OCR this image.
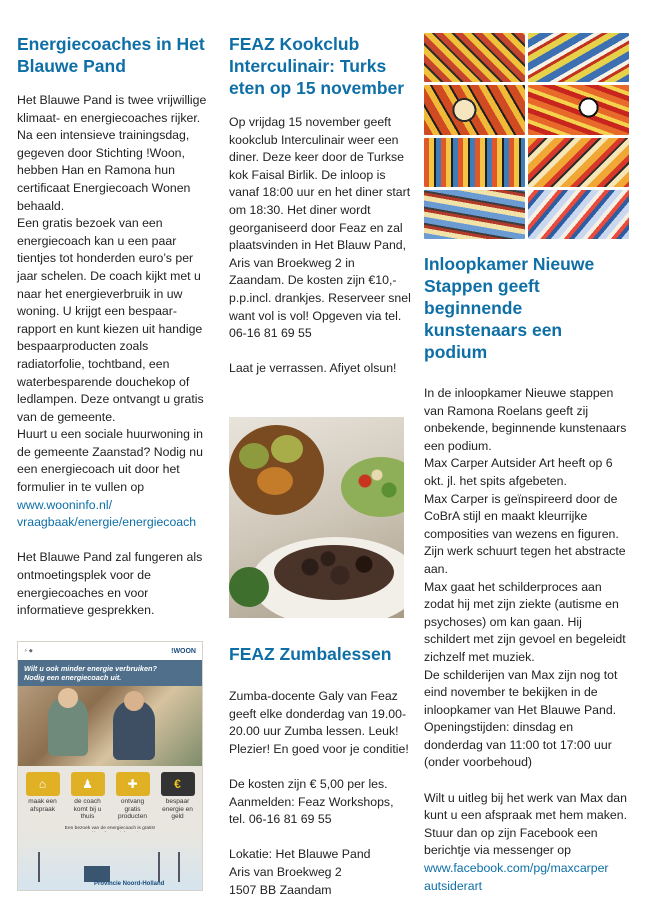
Energiecoaches in Het Blauwe Pand

Het Blauwe Pand is twee vrijwillige klimaat- en energiecoaches rijker. Na een intensieve trainingsdag, gegeven door Stichting !Woon, hebben Han en Ramona hun certificaat Energiecoach Wonen behaald.

Een gratis bezoek van een energiecoach kan u een paar tientjes tot honderden euro’s per jaar schelen. De coach kijkt met u naar het energieverbruik in uw woning. U krijgt een bespaar-rapport en kunt kiezen uit handige bespaarproducten zoals radiatorfolie, tochtband, een waterbesparende douchekop of ledlampen. Deze ontvangt u gratis van de gemeente.

Huurt u een sociale huurwoning in de gemeente Zaanstad? Nodig nu een energiecoach uit door het formulier in te vullen op www.wooninfo.nl/ vraagbaak/energie/energiecoach

Het Blauwe Pand zal fungeren als ontmoetingsplek voor de energiecoaches en voor informatieve gesprekken.

⚡ ◆	!WOON
Wilt u ook minder energie verbruiken?
Nodig een energiecoach uit.
⌂	♟	✚	€
maak een afspraak
de coach komt bij u thuis
ontvang gratis producten
bespaar energie en geld
Een bezoek van de energiecoach is gratis!
Provincie Noord-Holland
FEAZ Kookclub Interculinair: Turks eten op 15 november

Op vrijdag 15 november geeft kookclub Interculinair weer een diner. Deze keer door de Turkse kok Faisal Birlik. De inloop is vanaf 18:00 uur en het diner start om 18:30. Het diner wordt georganiseerd door Feaz en zal plaatsvinden in Het Blauw Pand, Aris van Broekweg 2 in Zaandam. De kosten zijn €10,- p.p.incl. drankjes. Reserveer snel want vol is vol! Opgeven via tel. 06-16 81 69 55

Laat je verrassen. Afiyet olsun!

FEAZ Zumbalessen

Zumba-docente Galy van Feaz geeft elke donderdag van 19.00-20.00 uur Zumba lessen. Leuk! Plezier! En goed voor je conditie!

De kosten zijn € 5,00 per les. Aanmelden: Feaz Workshops, tel. 06-16 81 69 55

Lokatie: Het Blauwe Pand

Aris van Broekweg 2

1507 BB Zaandam

Inloopkamer Nieuwe Stappen geeft beginnende kunstenaars een podium

In de inloopkamer Nieuwe stappen van Ramona Roelans geeft zij onbekende, beginnende kunstenaars een podium.

Max Carper Autsider Art heeft op 6 okt. jl. het spits afgebeten.

Max Carper is geïnspireerd door de CoBrA stijl en maakt kleurrijke composities van wezens en figuren. Zijn werk schuurt tegen het abstracte aan.

Max gaat het schilderproces aan zodat hij met zijn ziekte (autisme en psychoses) om kan gaan. Hij schildert met zijn gevoel en begeleidt zichzelf met muziek.

De schilderijen van Max zijn nog tot eind november te bekijken in de inloopkamer van Het Blauwe Pand. Openingstijden: dinsdag en donderdag van 11:00 tot 17:00 uur (onder voorbehoud)

Wilt u uitleg bij het werk van Max dan kunt u een afspraak met hem maken. Stuur dan op zijn Facebook een berichtje via messenger op www.facebook.com/pg/maxcarper autsiderart
